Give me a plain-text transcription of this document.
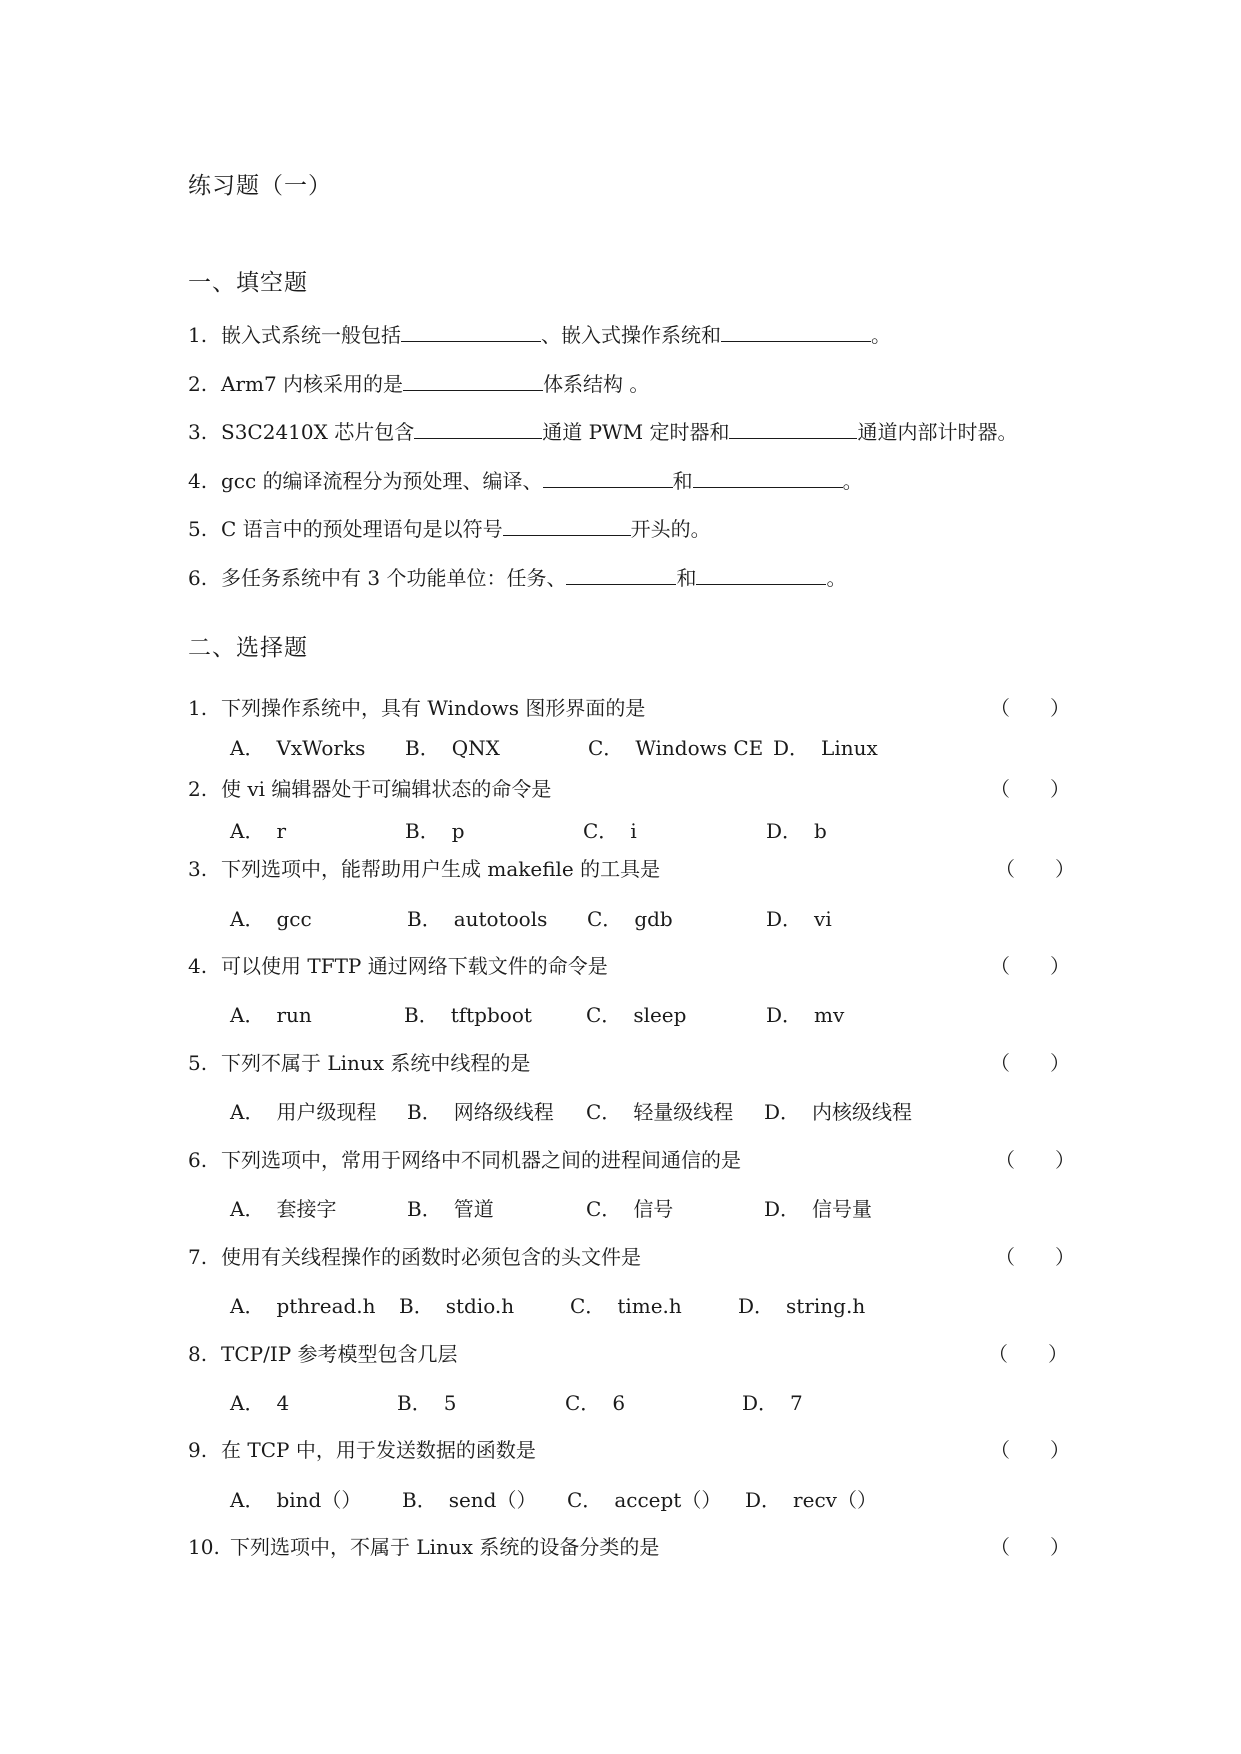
练习题（一）
一、填空题
1. 嵌入式系统一般包括	、嵌入式操作系统和	。
2. Arm7 内核采用的是	体系结构 。
3. S3C2410X 芯片包含	通道 PWM 定时器和	通道内部计时器。
4. gcc 的编译流程分为预处理、编译、	和	。
5. C 语言中的预处理语句是以符号	开头的。
6. 多任务系统中有 3 个功能单位：任务、	和	。
二、选择题
1. 下列操作系统中，具有 Windows 图形界面的是	（ ）
A． VxWorks B． QNX	C． Windows CE D． Linux
2. 使 vi 编辑器处于可编辑状态的命令是	（ ）
A． r	B． p	C． i	D． b
3. 下列选项中，能帮助用户生成 makefile 的工具是	（ ）
A． gcc	B． autotools C． gdb	D． vi
4. 可以使用 TFTP 通过网络下载文件的命令是	（ ）
A． run	B． tftpboot	C． sleep	D． mv
5. 下列不属于 Linux 系统中线程的是	（ ）
A． 用户级现程 B． 网络级线程 C． 轻量级线程 D． 内核级线程
6. 下列选项中，常用于网络中不同机器之间的进程间通信的是	（ ）
A． 套接字	B． 管道	C． 信号	D． 信号量
7. 使用有关线程操作的函数时必须包含的头文件是	（ ）
A． pthread.h B． stdio.h	C． time.h	D． string.h
8. TCP/IP 参考模型包含几层	（ ）
A． 4	B． 5	C． 6	D． 7
9. 在 TCP 中，用于发送数据的函数是	（ ）
A． bind（） B． send（） C． accept（） D． recv（）
10. 下列选项中，不属于 Linux 系统的设备分类的是	（ ）
